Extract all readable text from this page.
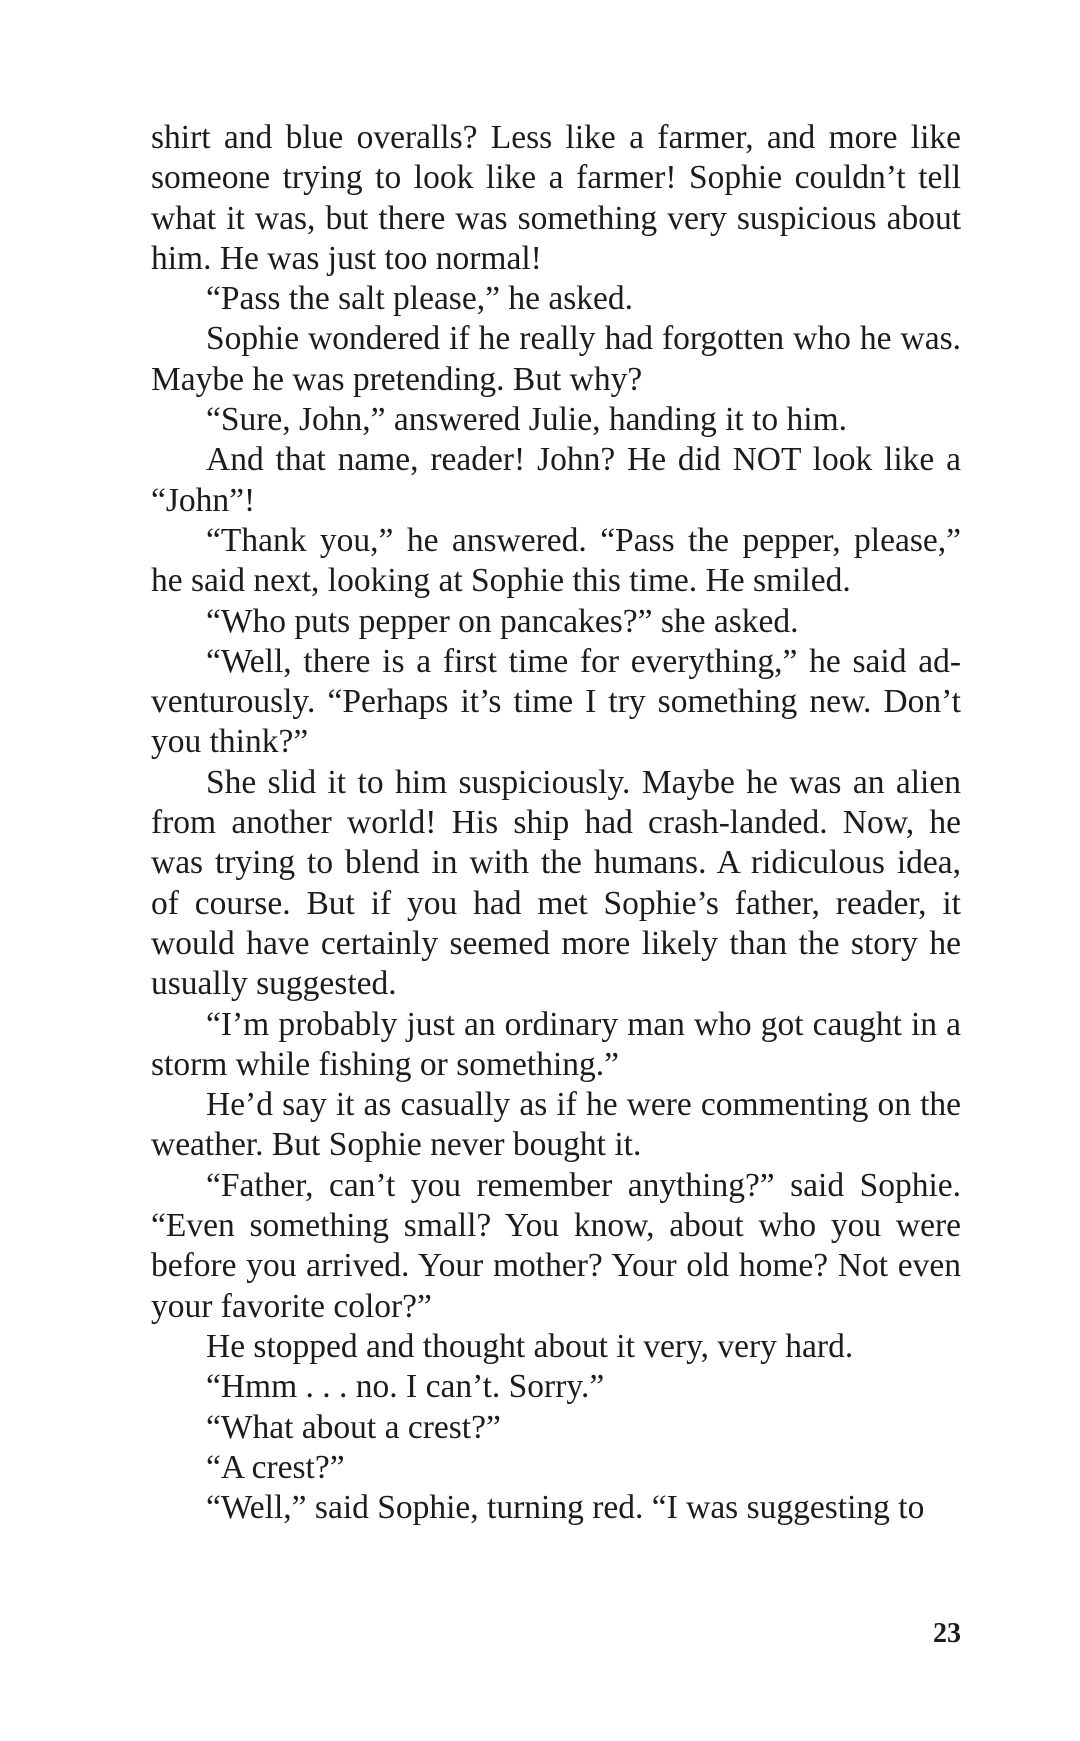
shirt and blue overalls? Less like a farmer, and more like someone trying to look like a farmer! Sophie couldn’t tell what it was, but there was something very suspicious about him. He was just too normal!

“Pass the salt please,” he asked.

Sophie wondered if he really had forgotten who he was. Maybe he was pretending. But why?

“Sure, John,” answered Julie, handing it to him.

And that name, reader! John? He did NOT look like a “John”!

“Thank you,” he answered. “Pass the pepper, please,” he said next, looking at Sophie this time. He smiled.

“Who puts pepper on pancakes?” she asked.

“Well, there is a first time for everything,” he said adventurously. “Perhaps it’s time I try something new. Don’t you think?”

She slid it to him suspiciously. Maybe he was an alien from another world! His ship had crash-landed. Now, he was trying to blend in with the humans. A ridiculous idea, of course. But if you had met Sophie’s father, reader, it would have certainly seemed more likely than the story he usually suggested.

“I’m probably just an ordinary man who got caught in a storm while fishing or something.”

He’d say it as casually as if he were commenting on the weather. But Sophie never bought it.

“Father, can’t you remember anything?” said Sophie. “Even something small? You know, about who you were before you arrived. Your mother? Your old home? Not even your favorite color?”

He stopped and thought about it very, very hard.

“Hmm . . . no. I can’t. Sorry.”

“What about a crest?”

“A crest?”

“Well,” said Sophie, turning red. “I was suggesting to

23
